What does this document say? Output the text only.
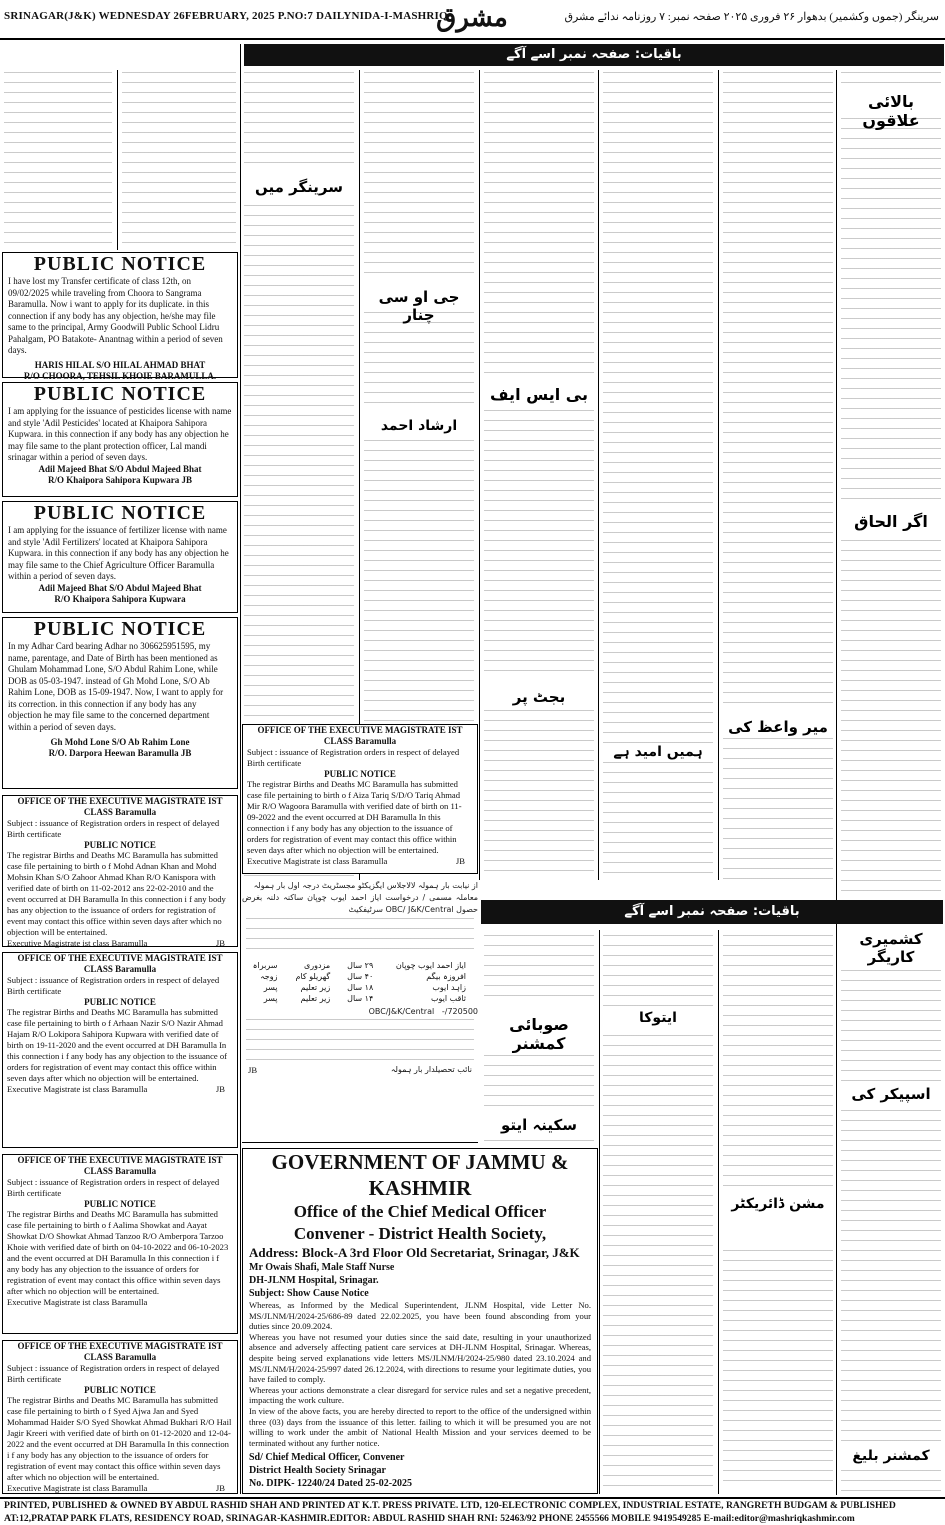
SRINAGAR(J&K) WEDNESDAY 26FEBRUARY, 2025 P.NO:7 DAILYNIDA-I-MASHRIQ
مشرق	سرینگر (جموں وکشمیر) بدھوار ۲۶ فروری ۲۰۲۵ صفحہ نمبر: ۷ روزنامہ ندائے مشرق
باقیات: صفحہ نمبر اسے آگے
بالائی علاقوں
اگر الحاق
میر واعظ کی
بی ایس ایف
بجٹ پر
ہمیں امید ہے
جی او سی چنار
ارشاد احمد
سرینگر میں
باقیات: صفحہ نمبر اسے آگے
کشمیری کاریگر
اسپیکر کی
کمشنر بلیغ
مشن ڈائریکٹر
ایتوکا
صوبائی کمشنر
سکینہ ایتو
PUBLIC NOTICE
I have lost my Transfer certificate of class 12th, on 09/02/2025 while traveling from Choora to Sangrama Baramulla. Now i want to apply for its duplicate. in this connection if any body has any objection, he/she may file same to the principal, Army Goodwill Public School Lidru Pahalgam, PO Batakote- Anantnag within a period of seven days.
HARIS HILAL S/O HILAL AHMAD BHAT
R/O CHOORA, TEHSIL KHOIE BARAMULLA.
PUBLIC NOTICE
I am applying for the issuance of pesticides license with name and style 'Adil Pesticides' located at Khaipora Sahipora Kupwara. in this connection if any body has any objection he may file same to the plant protection officer, Lal mandi srinagar within a period of seven days.
Adil Majeed Bhat S/O Abdul Majeed Bhat
R/O Khaipora Sahipora Kupwara JB
PUBLIC NOTICE
I am applying for the issuance of fertilizer license with name and style 'Adil Fertilizers' located at Khaipora Sahipora Kupwara. in this connection if any body has any objection he may file same to the Chief Agriculture Officer Baramulla within a period of seven days.
Adil Majeed Bhat S/O Abdul Majeed Bhat
R/O Khaipora Sahipora Kupwara
PUBLIC NOTICE
In my Adhar Card bearing Adhar no 306625951595, my name, parentage, and Date of Birth has been mentioned as Ghulam Mohammad Lone, S/O Abdul Rahim Lone, while DOB as 05-03-1947. instead of Gh Mohd Lone, S/O Ab Rahim Lone, DOB as 15-09-1947. Now, I want to apply for its correction. in this connection if any body has any objection he may file same to the concerned department within a period of seven days.
Gh Mohd Lone S/O Ab Rahim Lone
R/O. Darpora Heewan Baramulla JB
OFFICE OF THE EXECUTIVE MAGISTRATE IST CLASS Baramulla
Subject : issuance of Registration orders in respect of delayed Birth certificate
PUBLIC NOTICE
The registrar Births and Deaths MC Baramulla has submitted case file pertaining to birth o f Mohd Adnan Khan and Mohd Mohsin Khan S/O Zahoor Ahmad Khan R/O Kanispora with verified date of birth on 11-02-2012 ans 22-02-2010 and the event occurred at DH Baramulla In this connection i f any body has any objection to the issuance of orders for registration of event may contact this office within seven days after which no objection will be entertained.
Executive Magistrate ist class Baramulla	JB
OFFICE OF THE EXECUTIVE MAGISTRATE IST CLASS Baramulla
Subject : issuance of Registration orders in respect of delayed Birth certificate
PUBLIC NOTICE
The registrar Births and Deaths MC Baramulla has submitted case file pertaining to birth o f Arhaan Nazir S/O Nazir Ahmad Hajam R/O Lokipora Sahipora Kupwara with verified date of birth on 19-11-2020 and the event occurred at DH Baramulla In this connection i f any body has any objection to the issuance of orders for registration of event may contact this office within seven days after which no objection will be entertained.
Executive Magistrate ist class Baramulla	JB
OFFICE OF THE EXECUTIVE MAGISTRATE IST CLASS Baramulla
Subject : issuance of Registration orders in respect of delayed Birth certificate
PUBLIC NOTICE
The registrar Births and Deaths MC Baramulla has submitted case file pertaining to birth o f Aalima Showkat and Aayat Showkat D/O Showkat Ahmad Tanzoo R/O Amberpora Tarzoo Khoie with verified date of birth on 04-10-2022 and 06-10-2023 and the event occurred at DH Baramulla In this connection i f any body has any objection to the issuance of orders for registration of event may contact this office within seven days after which no objection will be entertained.
Executive Magistrate ist class Baramulla
OFFICE OF THE EXECUTIVE MAGISTRATE IST CLASS Baramulla
Subject : issuance of Registration orders in respect of delayed Birth certificate
PUBLIC NOTICE
The registrar Births and Deaths MC Baramulla has submitted case file pertaining to birth o f Syed Ajwa Jan and Syed Mohammad Haider S/O Syed Showkat Ahmad Bukhari R/O Hail Jagir Kreeri with verified date of birth on 01-12-2020 and 12-04-2022 and the event occurred at DH Baramulla In this connection i f any body has any objection to the issuance of orders for registration of event may contact this office within seven days after which no objection will be entertained.
Executive Magistrate ist class Baramulla	JB
OFFICE OF THE EXECUTIVE MAGISTRATE IST CLASS Baramulla
Subject : issuance of Registration orders in respect of delayed Birth certificate
PUBLIC NOTICE
The registrar Births and Deaths MC Baramulla has submitted case file pertaining to birth o f Aiza Tariq S/D/O Tariq Ahmad Mir R/O Wagoora Baramulla with verified date of birth on 11-09-2022 and the event occurred at DH Baramulla In this connection i f any body has any objection to the issuance of orders for registration of event may contact this office within seven days after which no objection will be entertained.
Executive Magistrate ist class Baramulla	JB
از نیابت بار ہمولہ لالاجلاس ایگزیکٹو مجسٹریٹ درجہ اول بار ہمولہ
معاملہ مسمی / درخواست ایاز احمد ایوب چوپان ساکنہ دلنہ بغرض حصول OBC/ J&K/Central سرٹیفکیٹ
ایاز احمد ایوب چوپان	۲۹ سال	مزدوری	سربراہ
افروزہ بیگم	۴۰ سال	گھریلو کام	زوجہ
زاہد ایوب	۱۸ سال	زیر تعلیم	پسر
ثاقب ایوب	۱۴ سال	زیر تعلیم	پسر
720500/-   OBC/J&K/Central
JB	نائب تحصیلدار بار ہمولہ
GOVERNMENT OF JAMMU & KASHMIR
Office of the Chief Medical Officer
Convener - District Health Society,
Address: Block-A 3rd Floor Old Secretariat, Srinagar, J&K
Mr Owais Shafi, Male Staff Nurse
DH-JLNM Hospital, Srinagar.
Subject: Show Cause Notice
Whereas, as Informed by the Medical Superintendent, JLNM Hospital, vide Letter No. MS/JLNM/H/2024-25/686-89 dated 22.02.2025, you have been found absconding from your duties since 20.09.2024.
Whereas you have not resumed your duties since the said date, resulting in your unauthorized absence and adversely affecting patient care services at DH-JLNM Hospital, Srinagar. Whereas, despite being served explanations vide letters MS/JLNM/H/2024-25/980 dated 23.10.2024 and MS/JLNM/H/2024-25/997 dated 26.12.2024, with directions to resume your legitimate duties, you have failed to comply.
Whereas your actions demonstrate a clear disregard for service rules and set a negative precedent, impacting the work culture.
In view of the above facts, you are hereby directed to report to the office of the undersigned within three (03) days from the issuance of this letter. failing to which it will be presumed you are not willing to work under the ambit of National Health Mission and your services deemed to be terminated without any further notice.
Sd/ Chief Medical Officer, Convener
District Health Society Srinagar
No. DIPK- 12240/24 Dated 25-02-2025
PRINTED, PUBLISHED & OWNED BY ABDUL RASHID SHAH AND PRINTED AT K.T. PRESS PRIVATE. LTD, 120-ELECTRONIC COMPLEX, INDUSTRIAL ESTATE, RANGRETH BUDGAM & PUBLISHED
AT:12,PRATAP PARK FLATS, RESIDENCY ROAD, SRINAGAR-KASHMIR.EDITOR: ABDUL RASHID SHAH RNI: 52463/92 PHONE 2455566 MOBILE 9419549285 E-mail:editor@mashriqkashmir.com
